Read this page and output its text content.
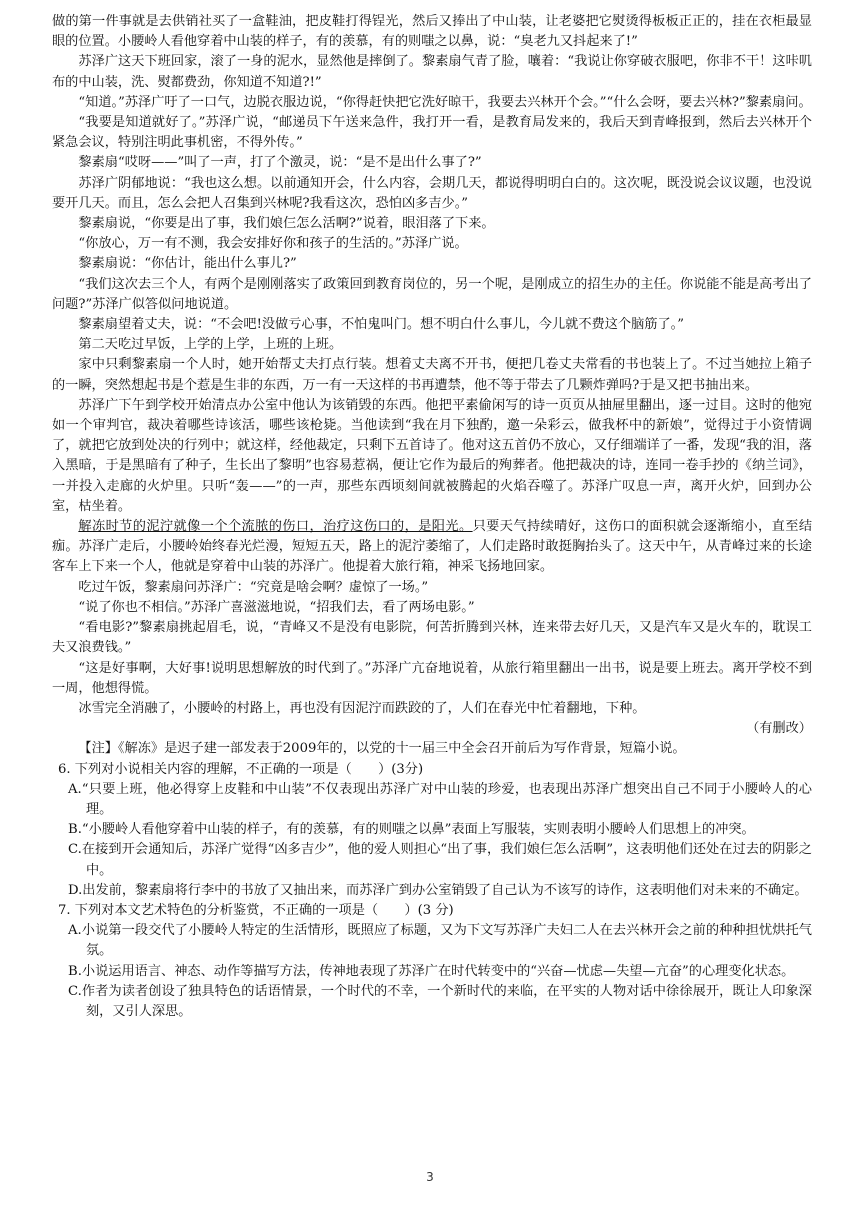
做的第一件事就是去供销社买了一盒鞋油，把皮鞋打得锃光，然后又捧出了中山装，让老婆把它熨烫得板板正正的，挂在衣柜最显眼的位置。小腰岭人看他穿着中山装的样子，有的羡慕，有的则嗤之以鼻，说：“臭老九又抖起来了!”

苏泽广这天下班回家，滚了一身的泥水，显然他是摔倒了。黎素扇气青了脸，嚷着：“我说让你穿破衣服吧，你非不干！这咔叽布的中山装，洗、熨都费劲，你知道不知道?!”

“知道。”苏泽广吁了一口气，边脱衣服边说，“你得赶快把它洗好晾干，我要去兴林开个会。”“什么会呀，要去兴林?”黎素扇问。

“我要是知道就好了。”苏泽广说，“邮递员下午送来急件，我打开一看，是教育局发来的，我后天到青峰报到，然后去兴林开个紧急会议，特别注明此事机密，不得外传。”

黎素扇“哎呀——”叫了一声，打了个激灵，说：“是不是出什么事了?”

苏泽广阴郁地说：“我也这么想。以前通知开会，什么内容，会期几天，都说得明明白白的。这次呢，既没说会议议题，也没说要开几天。而且，怎么会把人召集到兴林呢?我看这次，恐怕凶多吉少。”

黎素扇说，“你要是出了事，我们娘仨怎么活啊?”说着，眼泪落了下来。

“你放心，万一有不测，我会安排好你和孩子的生活的。”苏泽广说。

黎素扇说：“你估计，能出什么事儿?”

“我们这次去三个人，有两个是刚刚落实了政策回到教育岗位的，另一个呢，是刚成立的招生办的主任。你说能不能是高考出了问题?”苏泽广似答似问地说道。

黎素扇望着丈夫，说：“不会吧!没做亏心事，不怕鬼叫门。想不明白什么事儿，今儿就不费这个脑筋了。”

第二天吃过早饭，上学的上学，上班的上班。

家中只剩黎素扇一个人时，她开始帮丈夫打点行装。想着丈夫离不开书，便把几卷丈夫常看的书也装上了。不过当她拉上箱子的一瞬，突然想起书是个惹是生非的东西，万一有一天这样的书再遭禁，他不等于带去了几颗炸弹吗?于是又把书抽出来。

苏泽广下午到学校开始清点办公室中他认为该销毁的东西。他把平素偷闲写的诗一页页从抽屉里翻出，逐一过目。这时的他宛如一个审判官，裁决着哪些诗该活，哪些该枪毙。当他读到“我在月下独酌，邀一朵彩云，做我杯中的新娘”，觉得过于小资情调了，就把它放到处决的行列中；就这样，经他裁定，只剩下五首诗了。他对这五首仍不放心，又仔细端详了一番，发现“我的泪，落入黑暗，于是黑暗有了种子，生长出了黎明”也容易惹祸，便让它作为最后的殉葬者。他把裁决的诗，连同一卷手抄的《纳兰词》，一并投入走廊的火炉里。只听“轰——”的一声，那些东西顷刻间就被腾起的火焰吞噬了。苏泽广叹息一声，离开火炉，回到办公室，枯坐着。

解冻时节的泥泞就像一个个流脓的伤口，治疗这伤口的，是阳光。只要天气持续晴好，这伤口的面积就会逐渐缩小，直至结痂。苏泽广走后，小腰岭始终春光烂漫，短短五天，路上的泥泞萎缩了，人们走路时敢挺胸抬头了。这天中午，从青峰过来的长途客车上下来一个人，他就是穿着中山装的苏泽广。他提着大旅行箱，神采飞扬地回家。

吃过午饭，黎素扇问苏泽广：“究竟是啥会啊？虚惊了一场。”

“说了你也不相信。”苏泽广喜滋滋地说，“招我们去，看了两场电影。”

“看电影?”黎素扇挑起眉毛，说，“青峰又不是没有电影院，何苦折腾到兴林，连来带去好几天，又是汽车又是火车的，耽误工夫又浪费钱。”

“这是好事啊，大好事!说明思想解放的时代到了。”苏泽广亢奋地说着，从旅行箱里翻出一出书，说是要上班去。离开学校不到一周，他想得慌。

冰雪完全消融了，小腰岭的村路上，再也没有因泥泞而跌跤的了，人们在春光中忙着翻地，下种。

（有删改）

【注】《解冻》是迟子建一部发表于2009年的，以党的十一届三中全会召开前后为写作背景，短篇小说。

6. 下列对小说相关内容的理解，不正确的一项是（　　）(3分)

A.“只要上班，他必得穿上皮鞋和中山装”不仅表现出苏泽广对中山装的珍爱，也表现出苏泽广想突出自己不同于小腰岭人的心理。

B.“小腰岭人看他穿着中山装的样子，有的羡慕，有的则嗤之以鼻”表面上写服装，实则表明小腰岭人们思想上的冲突。

C.在接到开会通知后，苏泽广觉得“凶多吉少”，他的爱人则担心“出了事，我们娘仨怎么活啊”，这表明他们还处在过去的阴影之中。

D.出发前，黎素扇将行李中的书放了又抽出来，而苏泽广到办公室销毁了自己认为不该写的诗作，这表明他们对未来的不确定。

7. 下列对本文艺术特色的分析鉴赏，不正确的一项是（　　）(3 分)

A.小说第一段交代了小腰岭人特定的生活情形，既照应了标题，又为下文写苏泽广夫妇二人在去兴林开会之前的种种担忧烘托气氛。

B.小说运用语言、神态、动作等描写方法，传神地表现了苏泽广在时代转变中的“兴奋—忧虑—失望—亢奋”的心理变化状态。

C.作者为读者创设了独具特色的话语情景，一个时代的不幸，一个新时代的来临，在平实的人物对话中徐徐展开，既让人印象深刻，又引人深思。

3
